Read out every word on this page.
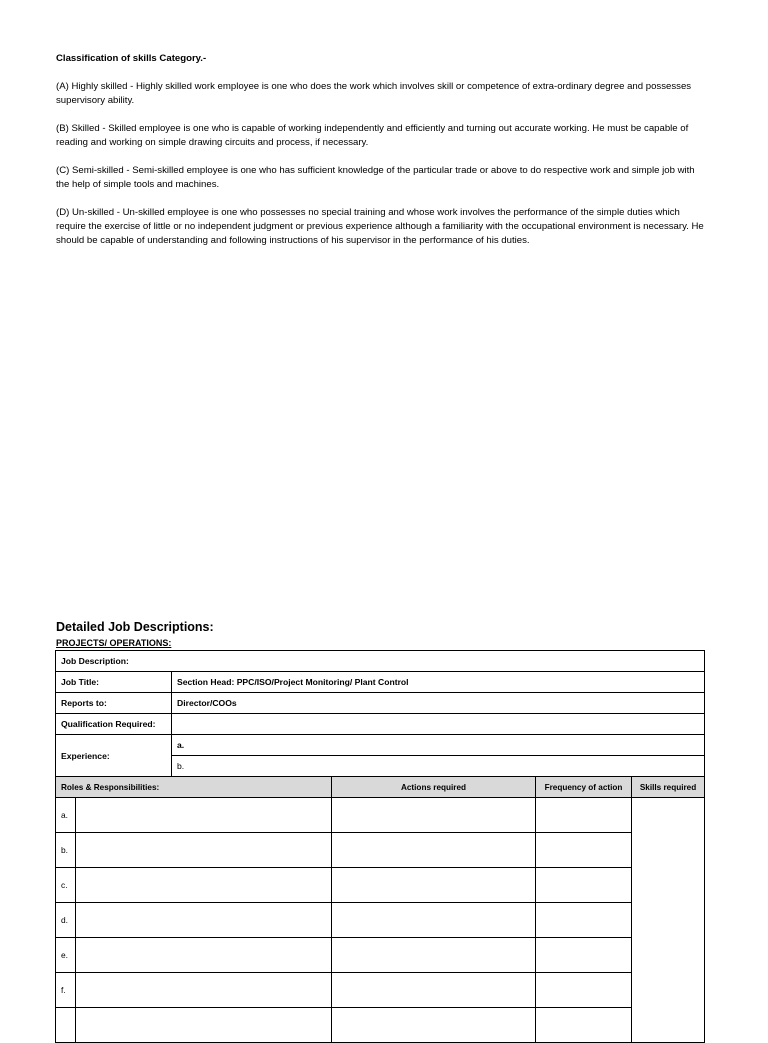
Classification of skills Category.-

(A) Highly skilled - Highly skilled work employee is one who does the work which involves skill or competence of extra-ordinary degree and possesses supervisory ability.

(B) Skilled - Skilled employee is one who is capable of working independently and efficiently and turning out accurate working. He must be capable of reading and working on simple drawing circuits and process, if necessary.

(C) Semi-skilled - Semi-skilled employee is one who has sufficient knowledge of the particular trade or above to do respective work and simple job with the help of simple tools and machines.

(D) Un-skilled - Un-skilled employee is one who possesses no special training and whose work involves the performance of the simple duties which require the exercise of little or no independent judgment or previous experience although a familiarity with the occupational environment is necessary. He should be capable of understanding and following instructions of his supervisor in the performance of his duties.

Detailed Job Descriptions:
PROJECTS/ OPERATIONS:
Job Description:					
Job Title:		Section Head: PPC/ISO/Project Monitoring/ Plant Control			
Reports to:		Director/COOs			
Qualification Required:					
Experience:		a.			
		b.			
Roles & Responsibilities:			Actions required	Frequency of action	Skills required
a.					
b.					
c.					
d.					
e.					
f.					
